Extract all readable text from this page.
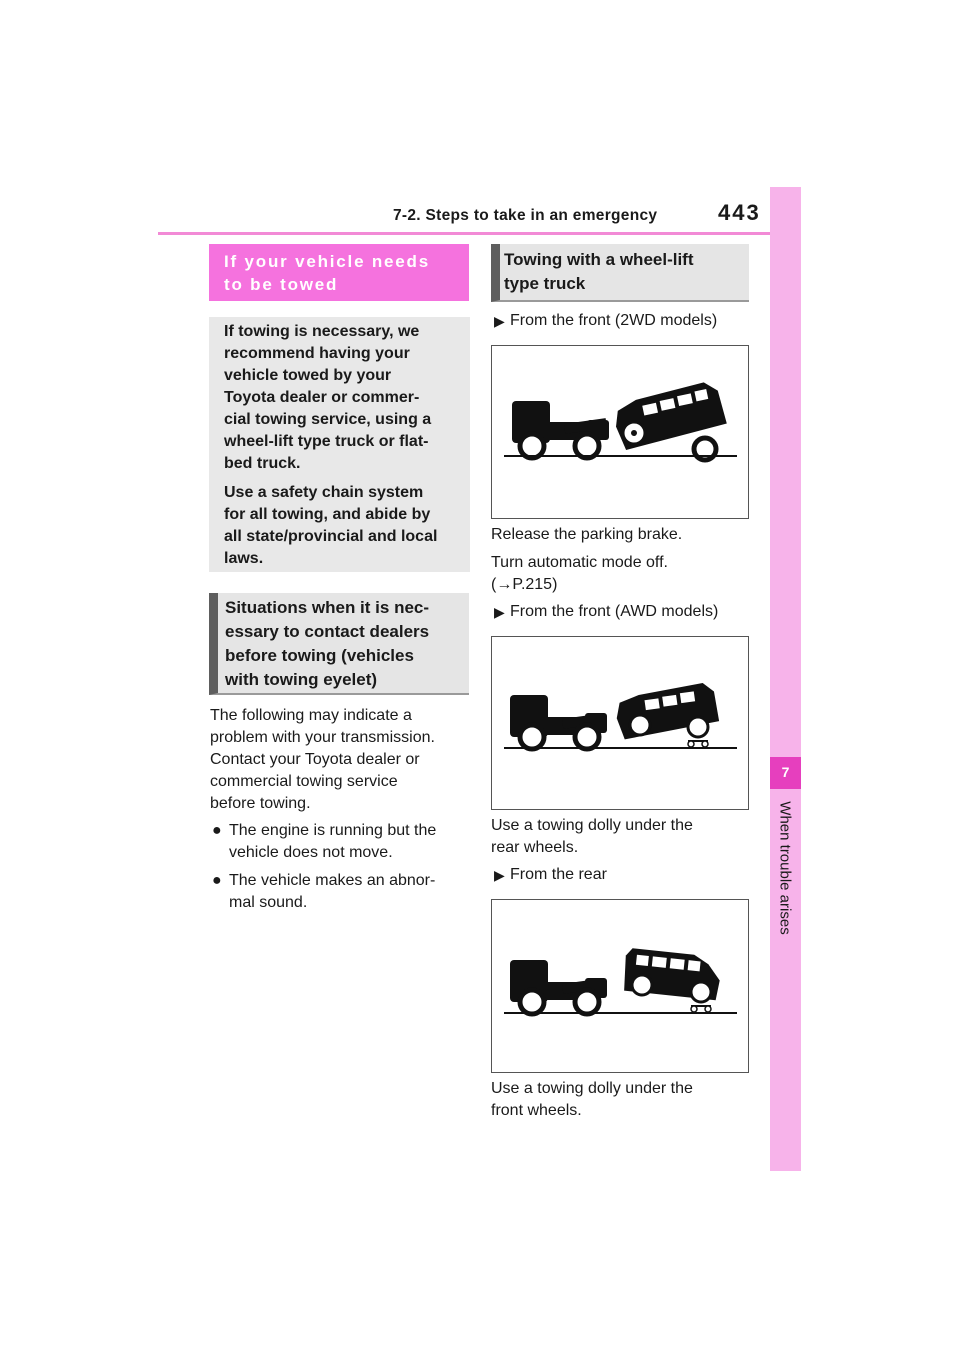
7-2. Steps to take in an emergency	443
7
When trouble arises
If your vehicle needs
to be towed

If towing is necessary, we
recommend having your
vehicle towed by your
Toyota dealer or commer-
cial towing service, using a
wheel-lift type truck or flat-
bed truck.

Use a safety chain system
for all towing, and abide by
all state/provincial and local
laws.

Situations when it is nec-
essary to contact dealers
before towing (vehicles
with towing eyelet)
The following may indicate a
problem with your transmission.
Contact your Toyota dealer or
commercial towing service
before towing.
● The engine is running but the
vehicle does not move.
● The vehicle makes an abnor-
mal sound.
Towing with a wheel-lift
type truck
▶ From the front (2WD models)
Release the parking brake.
Turn automatic mode off.
(→P.215)
▶ From the front (AWD models)
Use a towing dolly under the
rear wheels.
▶ From the rear
Use a towing dolly under the
front wheels.
